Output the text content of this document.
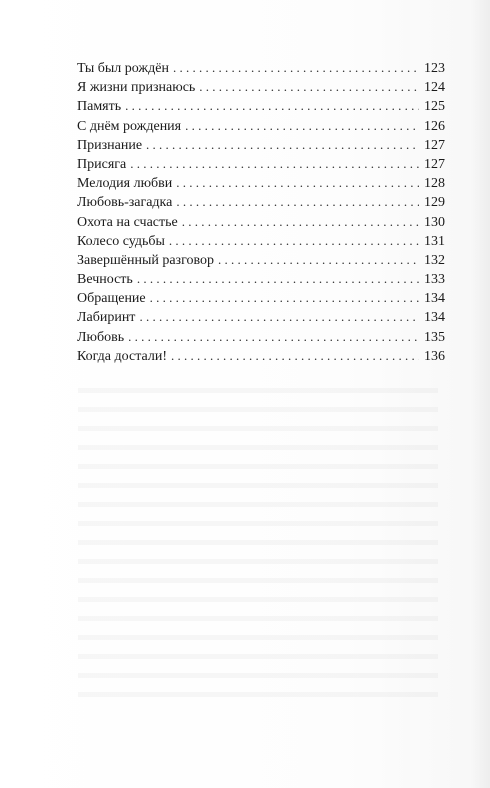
Ты был рождён . . .	123
Я жизни признаюсь . . .	124
Память . . .	125
С днём рождения . . .	126
Признание . . .	127
Присяга . . .	127
Мелодия любви . . .	128
Любовь-загадка . . .	129
Охота на счастье . . .	130
Колесо судьбы . . .	131
Завершённый разговор . . .	132
Вечность . . .	133
Обращение . . .	134
Лабиринт . . .	134
Любовь . . .	135
Когда достали! . . .	136
